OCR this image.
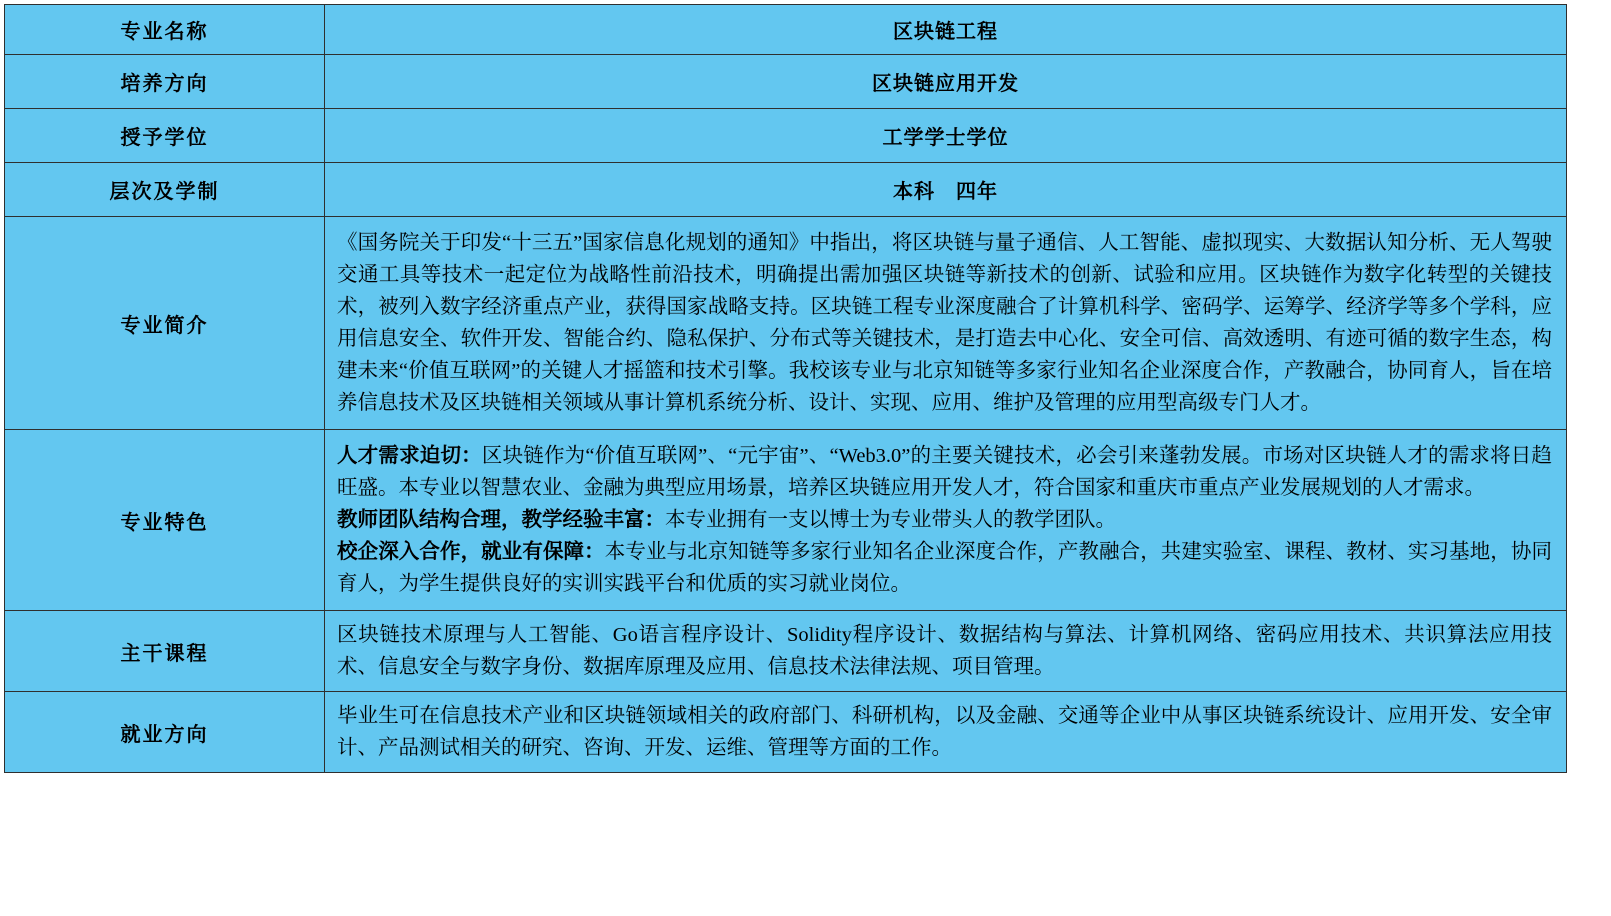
专业名称	区块链工程

培养方向	区块链应用开发

授予学位	工学学士学位

层次及学制	本科　四年

专业简介	《国务院关于印发“十三五”国家信息化规划的通知》中指出，将区块链与量子通信、人工智能、虚拟现实、大数据认知分析、无人驾驶交通工具等技术一起定位为战略性前沿技术，明确提出需加强区块链等新技术的创新、试验和应用。区块链作为数字化转型的关键技术，被列入数字经济重点产业，获得国家战略支持。区块链工程专业深度融合了计算机科学、密码学、运筹学、经济学等多个学科，应用信息安全、软件开发、智能合约、隐私保护、分布式等关键技术，是打造去中心化、安全可信、高效透明、有迹可循的数字生态，构建未来“价值互联网”的关键人才摇篮和技术引擎。我校该专业与北京知链等多家行业知名企业深度合作，产教融合，协同育人，旨在培养信息技术及区块链相关领域从事计算机系统分析、设计、实现、应用、维护及管理的应用型高级专门人才。

专业特色	人才需求迫切：区块链作为“价值互联网”、“元宇宙”、“Web3.0”的主要关键技术，必会引来蓬勃发展。市场对区块链人才的需求将日趋旺盛。本专业以智慧农业、金融为典型应用场景，培养区块链应用开发人才，符合国家和重庆市重点产业发展规划的人才需求。

教师团队结构合理，教学经验丰富：本专业拥有一支以博士为专业带头人的教学团队。

校企深入合作，就业有保障：本专业与北京知链等多家行业知名企业深度合作，产教融合，共建实验室、课程、教材、实习基地，协同育人，为学生提供良好的实训实践平台和优质的实习就业岗位。

主干课程	区块链技术原理与人工智能、Go语言程序设计、Solidity程序设计、数据结构与算法、计算机网络、密码应用技术、共识算法应用技术、信息安全与数字身份、数据库原理及应用、信息技术法律法规、项目管理。

就业方向	毕业生可在信息技术产业和区块链领域相关的政府部门、科研机构，以及金融、交通等企业中从事区块链系统设计、应用开发、安全审计、产品测试相关的研究、咨询、开发、运维、管理等方面的工作。
